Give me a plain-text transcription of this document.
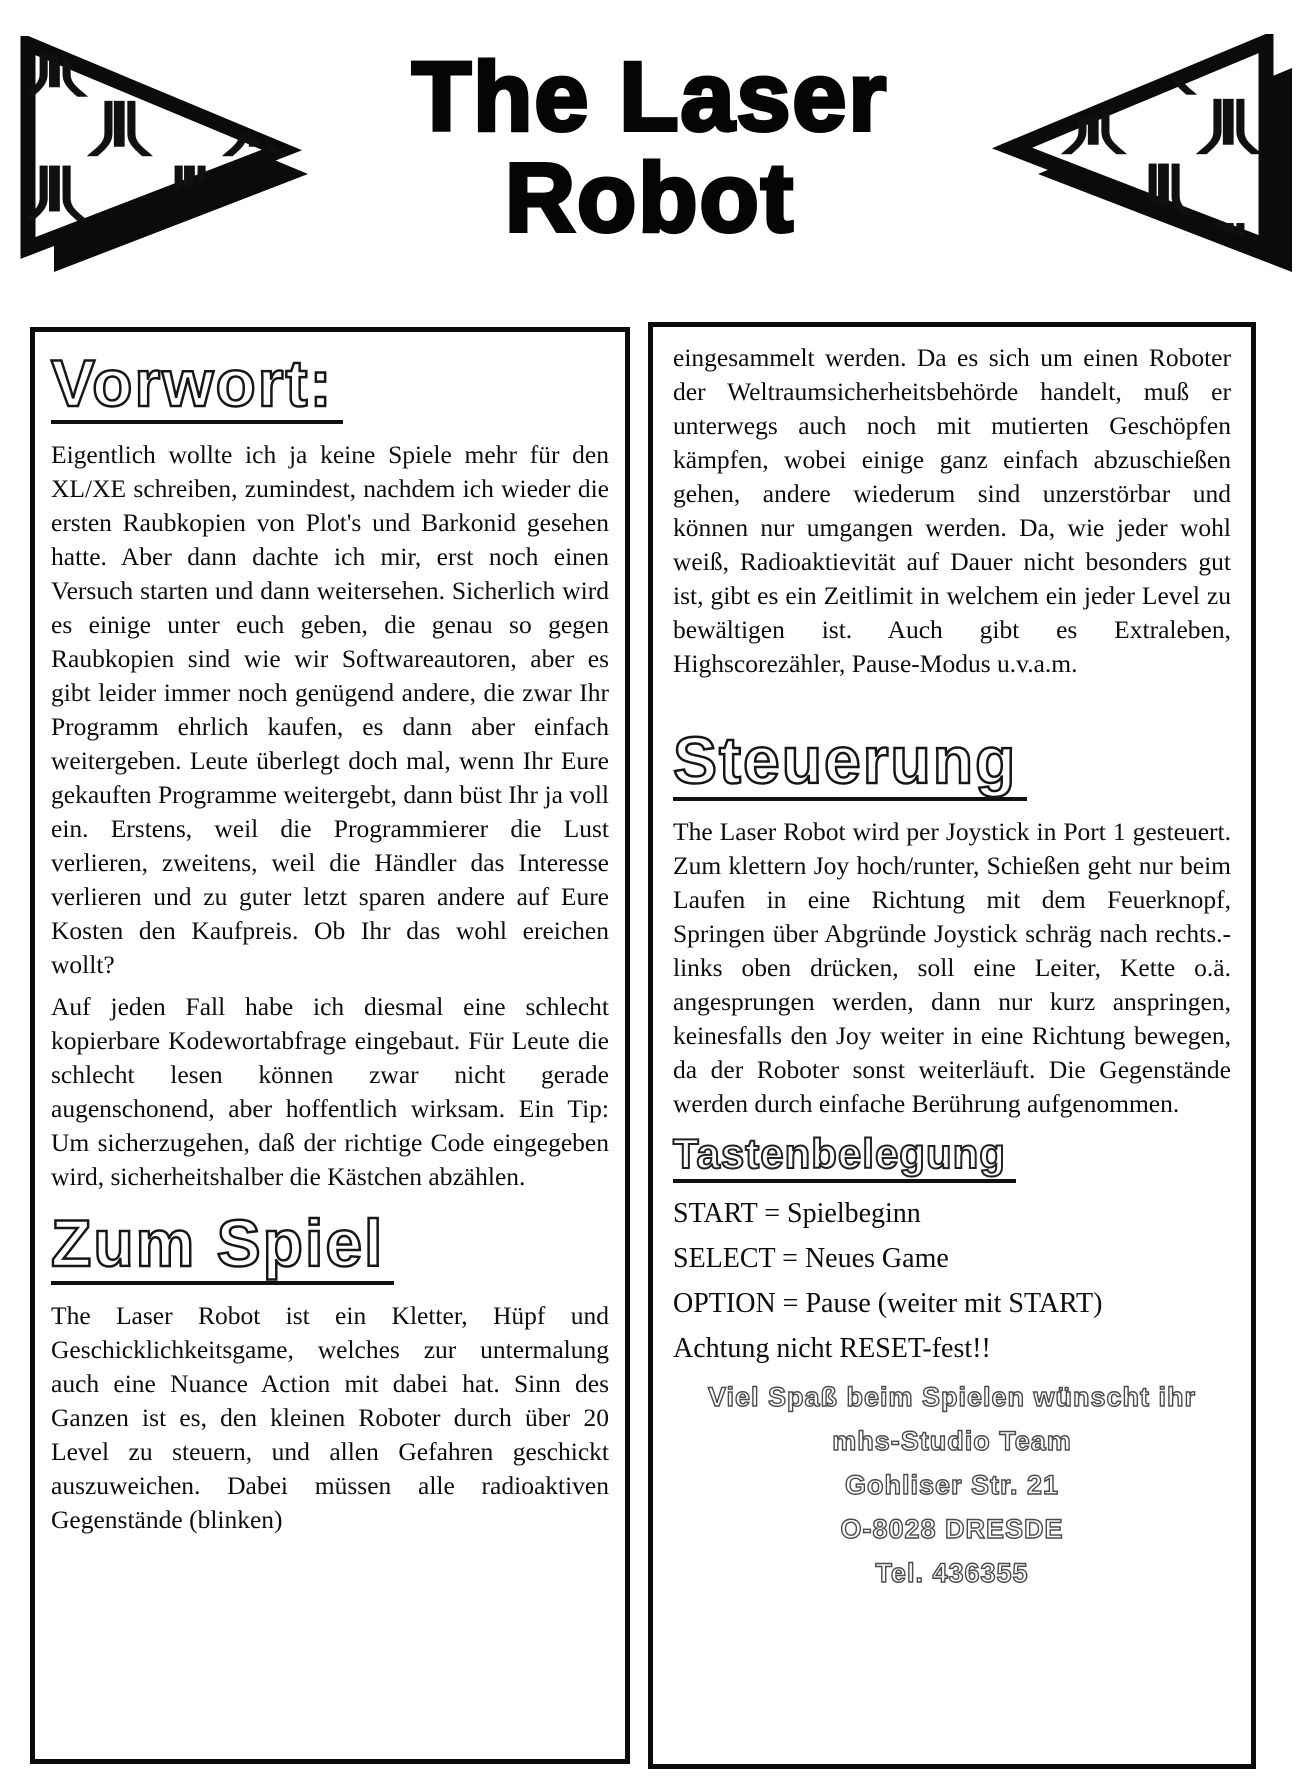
The Laser
Robot
Vorwort:

Eigentlich wollte ich ja keine Spiele mehr für den XL/XE schreiben, zumindest, nachdem ich wieder die ersten Raubkopien von Plot's und Barkonid gesehen hatte. Aber dann dachte ich mir, erst noch einen Versuch starten und dann weitersehen. Sicherlich wird es einige unter euch geben, die genau so gegen Raubkopien sind wie wir Softwareautoren, aber es gibt leider immer noch genügend andere, die zwar Ihr Programm ehrlich kaufen, es dann aber einfach weitergeben. Leute überlegt doch mal, wenn Ihr Eure gekauften Programme weitergebt, dann büst Ihr ja voll ein. Erstens, weil die Programmierer die Lust verlieren, zweitens, weil die Händler das Interesse verlieren und zu guter letzt sparen andere auf Eure Kosten den Kaufpreis. Ob Ihr das wohl ereichen wollt?

Auf jeden Fall habe ich diesmal eine schlecht kopierbare Kodewortabfrage eingebaut. Für Leute die schlecht lesen können zwar nicht gerade augenschonend, aber hoffentlich wirksam. Ein Tip: Um sicherzugehen, daß der richtige Code eingegeben wird, sicherheitshalber die Kästchen abzählen.

Zum Spiel

The Laser Robot ist ein Kletter, Hüpf und Geschicklichkeitsgame, welches zur untermalung auch eine Nuance Action mit dabei hat. Sinn des Ganzen ist es, den kleinen Roboter durch über 20 Level zu steuern, und allen Gefahren geschickt auszuweichen. Dabei müssen alle radioaktiven Gegenstände (blinken)

eingesammelt werden. Da es sich um einen Roboter der Weltraumsicherheitsbehörde handelt, muß er unterwegs auch noch mit mutierten Geschöpfen kämpfen, wobei einige ganz einfach abzuschießen gehen, andere wiederum sind unzerstörbar und können nur umgangen werden. Da, wie jeder wohl weiß, Radioaktievität auf Dauer nicht besonders gut ist, gibt es ein Zeitlimit in welchem ein jeder Level zu bewältigen ist. Auch gibt es Extraleben, Highscorezähler, Pause-Modus u.v.a.m.

Steuerung

The Laser Robot wird per Joystick in Port 1 gesteuert. Zum klettern Joy hoch/runter, Schießen geht nur beim Laufen in eine Richtung mit dem Feuerknopf, Springen über Abgründe Joystick schräg nach rechts.-links oben drücken, soll eine Leiter, Kette o.ä. angesprungen werden, dann nur kurz anspringen, keinesfalls den Joy weiter in eine Richtung bewegen, da der Roboter sonst weiterläuft. Die Gegenstände werden durch einfache Berührung aufgenommen.

Tastenbelegung
START = Spielbeginn
SELECT = Neues Game
OPTION = Pause (weiter mit START)
Achtung nicht RESET-fest!!
Viel Spaß beim Spielen wünscht ihr
mhs-Studio Team
Gohliser Str. 21
O-8028 DRESDE
Tel. 436355
